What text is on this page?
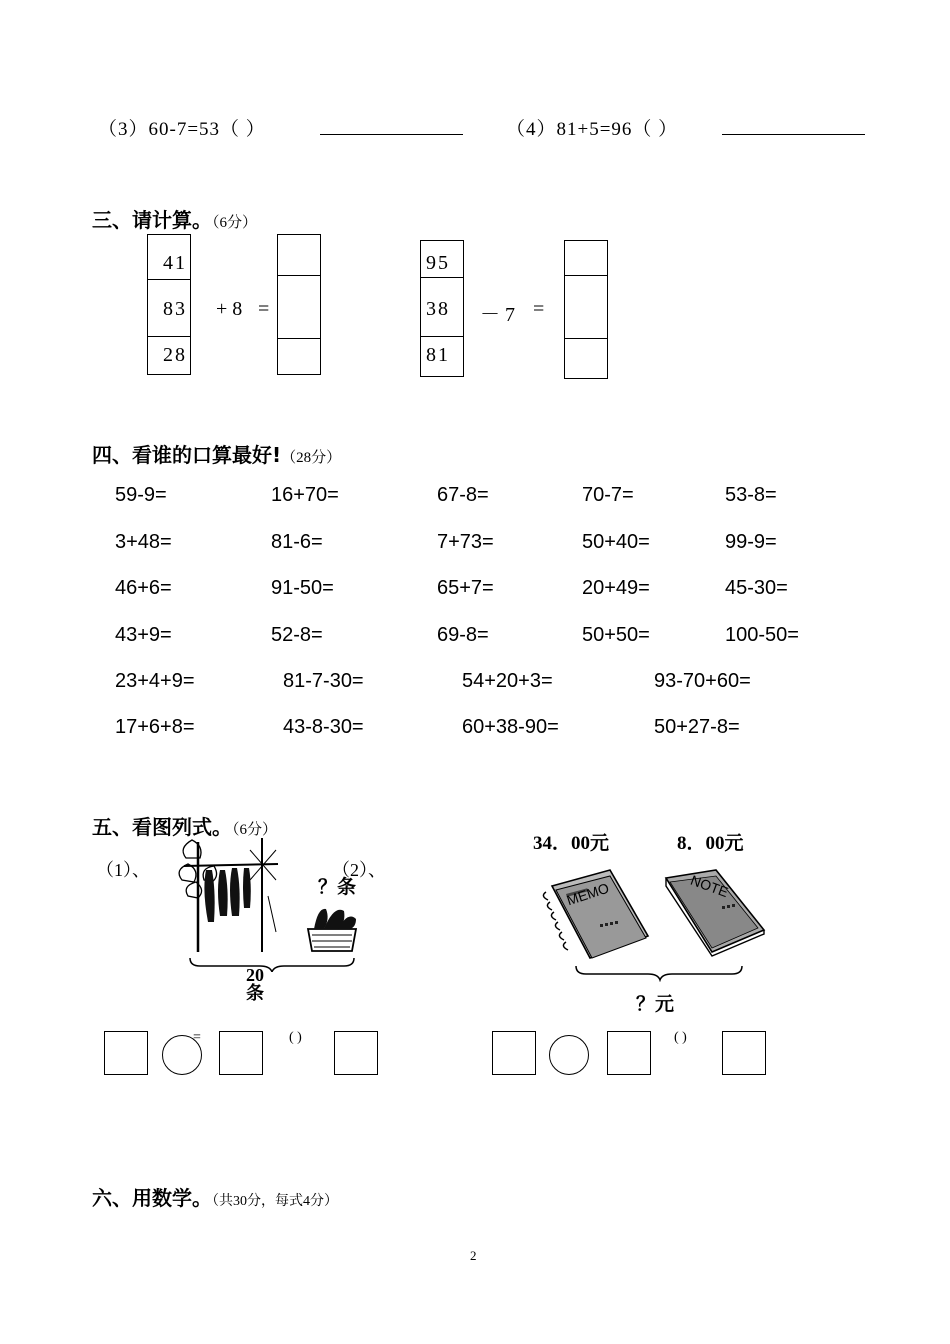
（3）60-7=53（ ）	（4）81+5=96（ ）
三、请计算。（6分）
41
83
28
+ 8 =
95
38
81
－ 7 =
四、看谁的口算最好!（28分）
59-9=	16+70=	67-8=	70-7=	53-8=
3+48=	81-6=	7+73=	50+40=	99-9=
46+6=	91-50=	65+7=	20+49=	45-30=
43+9=	52-8=	69-8=	50+50=	100-50=
23+4+9=	81-7-30=	54+20+3=	93-70+60=
17+6+8=	43-8-30=	60+38-90=	50+27-8=
五、看图列式。（6分）
（1）、
？条
20条
（2）、
=	( )
34．00元	8．00元
MEMO	NOTE
？元
( )
六、用数学。（共30分，每式4分）
2
